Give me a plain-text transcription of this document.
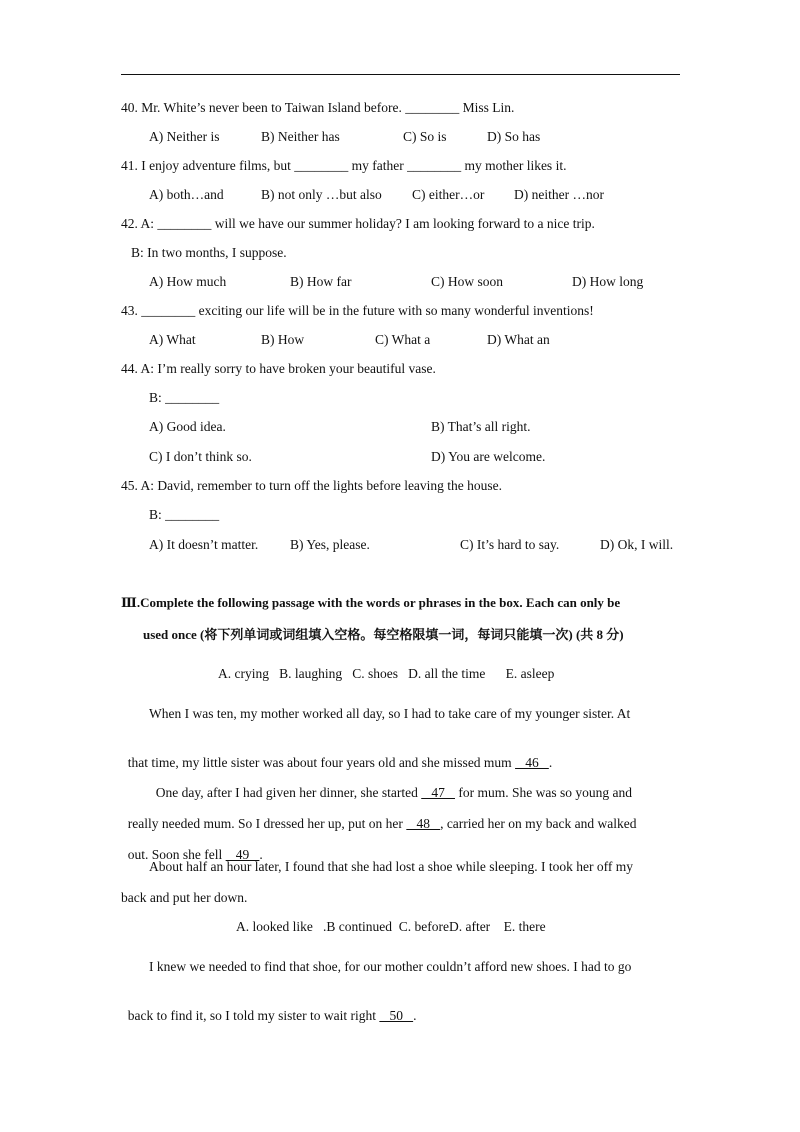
40. Mr. White’s never been to Taiwan Island before. ________ Miss Lin.
A) Neither is	B) Neither has	C) So is	D) So has
41. I enjoy adventure films, but ________ my father ________ my mother likes it.
A) both…and	B) not only …but also C) either…or D) neither …nor
42. A: ________ will we have our summer holiday? I am looking forward to a nice trip.
B: In two months, I suppose.
A) How much	B) How far	C) How soon	D) How long
43. ________ exciting our life will be in the future with so many wonderful inventions!
A) What	B) How	C) What a	D) What an
44. A: I’m really sorry to have broken your beautiful vase.
B: ________
A) Good idea.	B) That’s all right.
C) I don’t think so.	D) You are welcome.
45. A: David, remember to turn off the lights before leaving the house.
B: ________
A) It doesn’t matter. B) Yes, please.	C) It’s hard to say.	D) Ok, I will.
Ⅲ.Complete the following passage with the words or phrases in the box. Each can only be
used once (将下列单词或词组填入空格。每空格限填一词，每词只能填一次) (共 8 分)
A. crying   B. laughing   C. shoes   D. all the time      E. asleep
When I was ten, my mother worked all day, so I had to take care of my younger sister. At

that time, my little sister was about four years old and she missed mum    46   .

One day, after I had given her dinner, she started    47    for mum. She was so young and

really needed mum. So I dressed her up, put on her    48   , carried her on my back and walked

out. Soon she fell    49   .

About half an hour later, I found that she had lost a shoe while sleeping. I took her off my
back and put her down.
A. looked like   .B continued  C. beforeD. after    E. there
I knew we needed to find that shoe, for our mother couldn’t afford new shoes. I had to go

back to find it, so I told my sister to wait right    50   .
